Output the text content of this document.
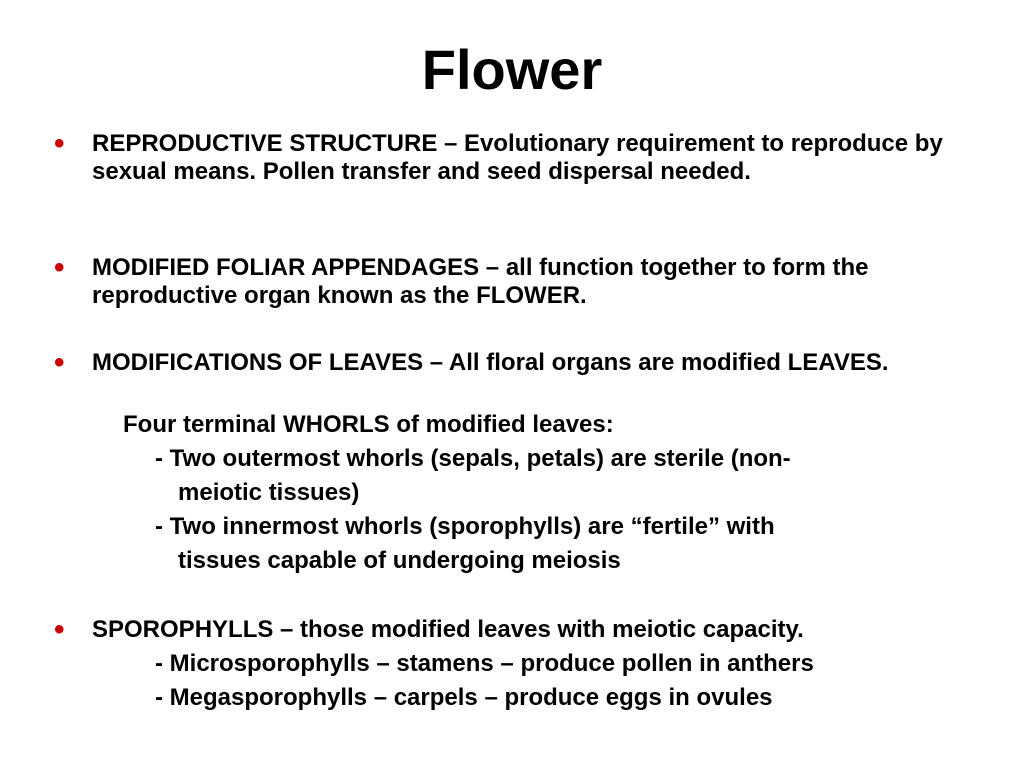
Flower
• REPRODUCTIVE STRUCTURE – Evolutionary requirement to reproduce by sexual means. Pollen transfer and seed dispersal needed.

• MODIFIED FOLIAR APPENDAGES – all function together to form the reproductive organ known as the FLOWER.

• MODIFICATIONS OF LEAVES – All floral organs are modified LEAVES.

Four terminal WHORLS of modified leaves:

- Two outermost whorls (sepals, petals) are sterile (non-

meiotic tissues)

- Two innermost whorls (sporophylls) are “fertile” with

tissues capable of undergoing meiosis

• SPOROPHYLLS – those modified leaves with meiotic capacity.

- Microsporophylls – stamens – produce pollen in anthers

- Megasporophylls – carpels – produce eggs in ovules
